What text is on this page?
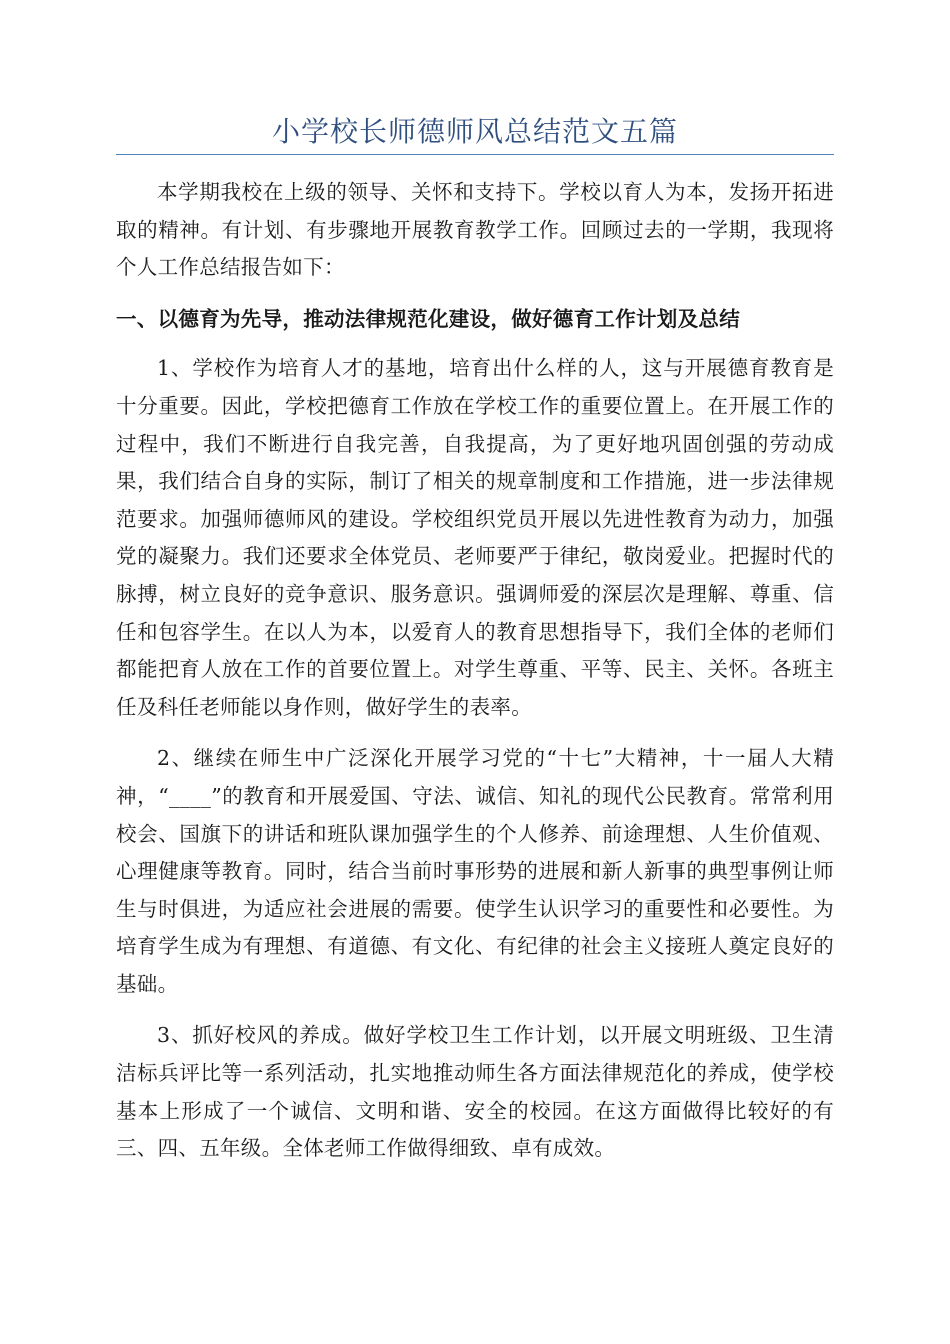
小学校长师德师风总结范文五篇

本学期我校在上级的领导、关怀和支持下。学校以育人为本，发扬开拓进取的精神。有计划、有步骤地开展教育教学工作。回顾过去的一学期，我现将个人工作总结报告如下：

一、以德育为先导，推动法律规范化建设，做好德育工作计划及总结

1、学校作为培育人才的基地，培育出什么样的人，这与开展德育教育是十分重要。因此，学校把德育工作放在学校工作的重要位置上。在开展工作的过程中，我们不断进行自我完善，自我提高，为了更好地巩固创强的劳动成果，我们结合自身的实际，制订了相关的规章制度和工作措施，进一步法律规范要求。加强师德师风的建设。学校组织党员开展以先进性教育为动力，加强党的凝聚力。我们还要求全体党员、老师要严于律纪，敬岗爱业。把握时代的脉搏，树立良好的竞争意识、服务意识。强调师爱的深层次是理解、尊重、信任和包容学生。在以人为本，以爱育人的教育思想指导下，我们全体的老师们都能把育人放在工作的首要位置上。对学生尊重、平等、民主、关怀。各班主任及科任老师能以身作则，做好学生的表率。

2、继续在师生中广泛深化开展学习党的“十七”大精神，十一届人大精神，“____”的教育和开展爱国、守法、诚信、知礼的现代公民教育。常常利用校会、国旗下的讲话和班队课加强学生的个人修养、前途理想、人生价值观、心理健康等教育。同时，结合当前时事形势的进展和新人新事的典型事例让师生与时俱进，为适应社会进展的需要。使学生认识学习的重要性和必要性。为培育学生成为有理想、有道德、有文化、有纪律的社会主义接班人奠定良好的基础。

3、抓好校风的养成。做好学校卫生工作计划，以开展文明班级、卫生清洁标兵评比等一系列活动，扎实地推动师生各方面法律规范化的养成，使学校基本上形成了一个诚信、文明和谐、安全的校园。在这方面做得比较好的有三、四、五年级。全体老师工作做得细致、卓有成效。
